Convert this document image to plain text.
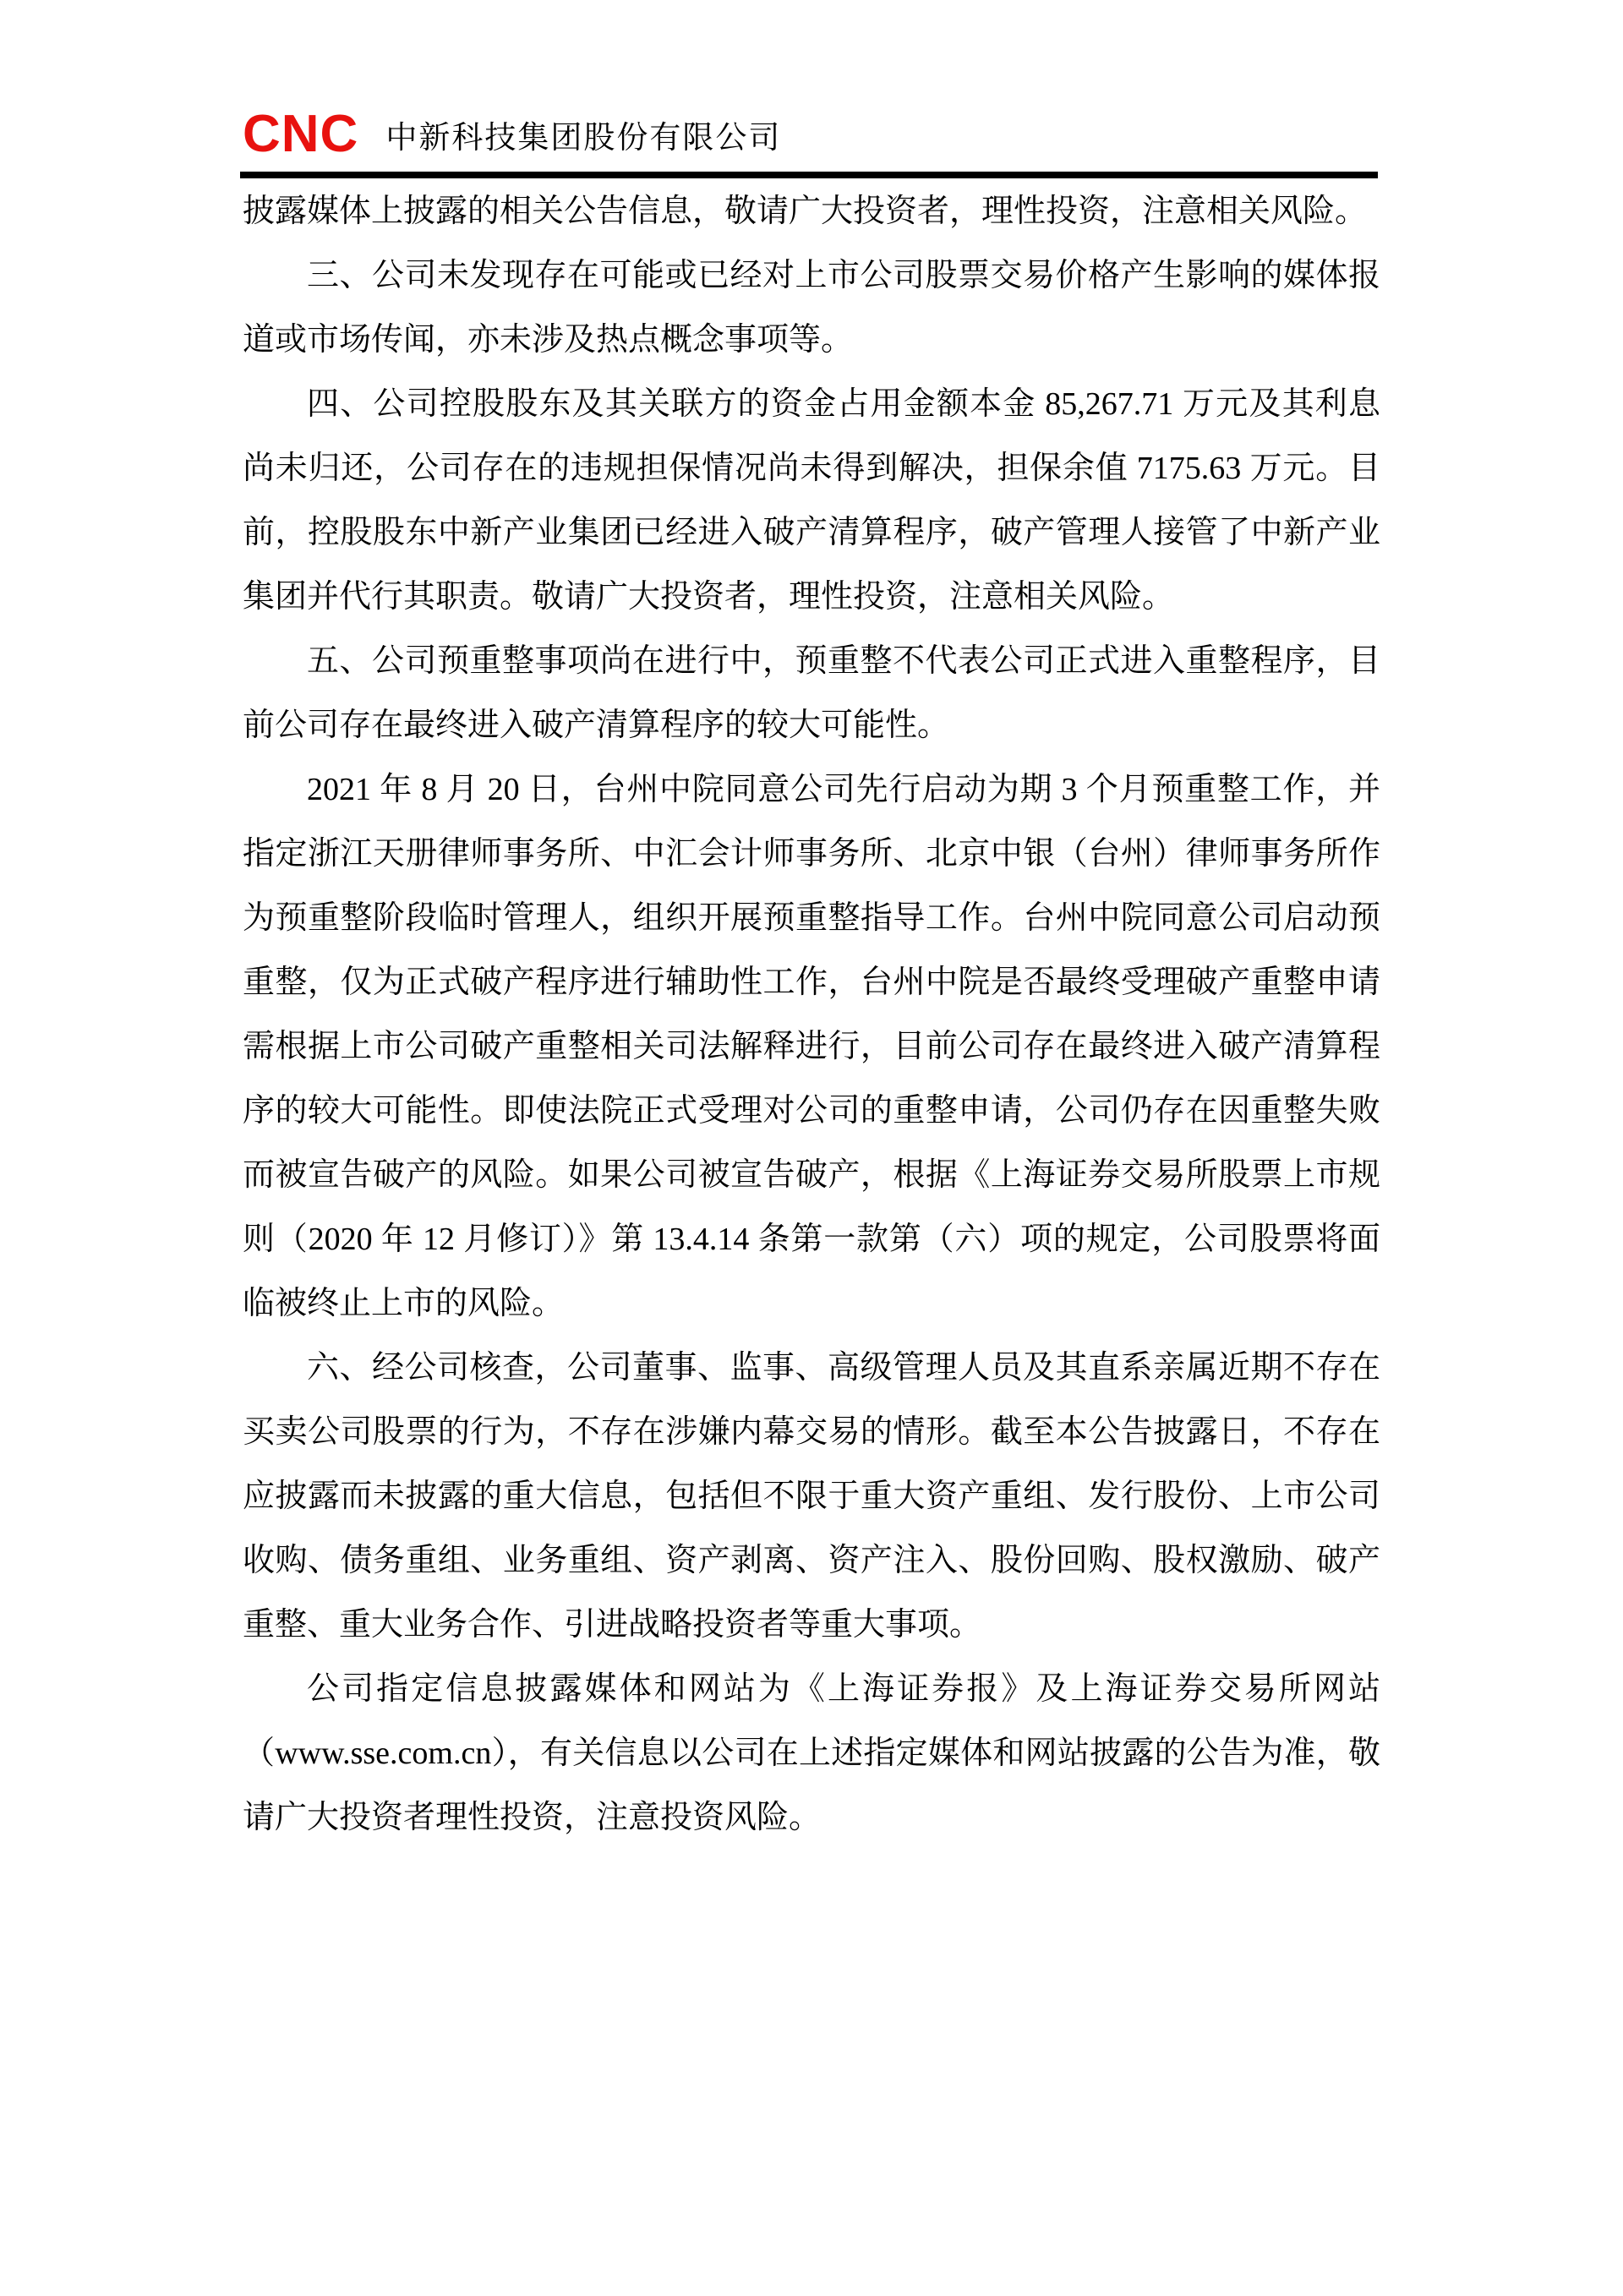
CNC 中新科技集团股份有限公司

披露媒体上披露的相关公告信息，敬请广大投资者，理性投资，注意相关风险。

三、公司未发现存在可能或已经对上市公司股票交易价格产生影响的媒体报道或市场传闻，亦未涉及热点概念事项等。

四、公司控股股东及其关联方的资金占用金额本金 85,267.71 万元及其利息尚未归还，公司存在的违规担保情况尚未得到解决，担保余值 7175.63 万元。目前，控股股东中新产业集团已经进入破产清算程序，破产管理人接管了中新产业集团并代行其职责。敬请广大投资者，理性投资，注意相关风险。

五、公司预重整事项尚在进行中，预重整不代表公司正式进入重整程序，目前公司存在最终进入破产清算程序的较大可能性。

2021 年 8 月 20 日，台州中院同意公司先行启动为期 3 个月预重整工作，并指定浙江天册律师事务所、中汇会计师事务所、北京中银（台州）律师事务所作为预重整阶段临时管理人，组织开展预重整指导工作。台州中院同意公司启动预重整，仅为正式破产程序进行辅助性工作，台州中院是否最终受理破产重整申请需根据上市公司破产重整相关司法解释进行，目前公司存在最终进入破产清算程序的较大可能性。即使法院正式受理对公司的重整申请，公司仍存在因重整失败而被宣告破产的风险。如果公司被宣告破产，根据《上海证券交易所股票上市规则（2020 年 12 月修订）》第 13.4.14 条第一款第（六）项的规定，公司股票将面临被终止上市的风险。

六、经公司核查，公司董事、监事、高级管理人员及其直系亲属近期不存在买卖公司股票的行为，不存在涉嫌内幕交易的情形。截至本公告披露日，不存在应披露而未披露的重大信息，包括但不限于重大资产重组、发行股份、上市公司收购、债务重组、业务重组、资产剥离、资产注入、股份回购、股权激励、破产重整、重大业务合作、引进战略投资者等重大事项。

公司指定信息披露媒体和网站为《上海证券报》及上海证券交易所网站（www.sse.com.cn），有关信息以公司在上述指定媒体和网站披露的公告为准，敬请广大投资者理性投资，注意投资风险。
